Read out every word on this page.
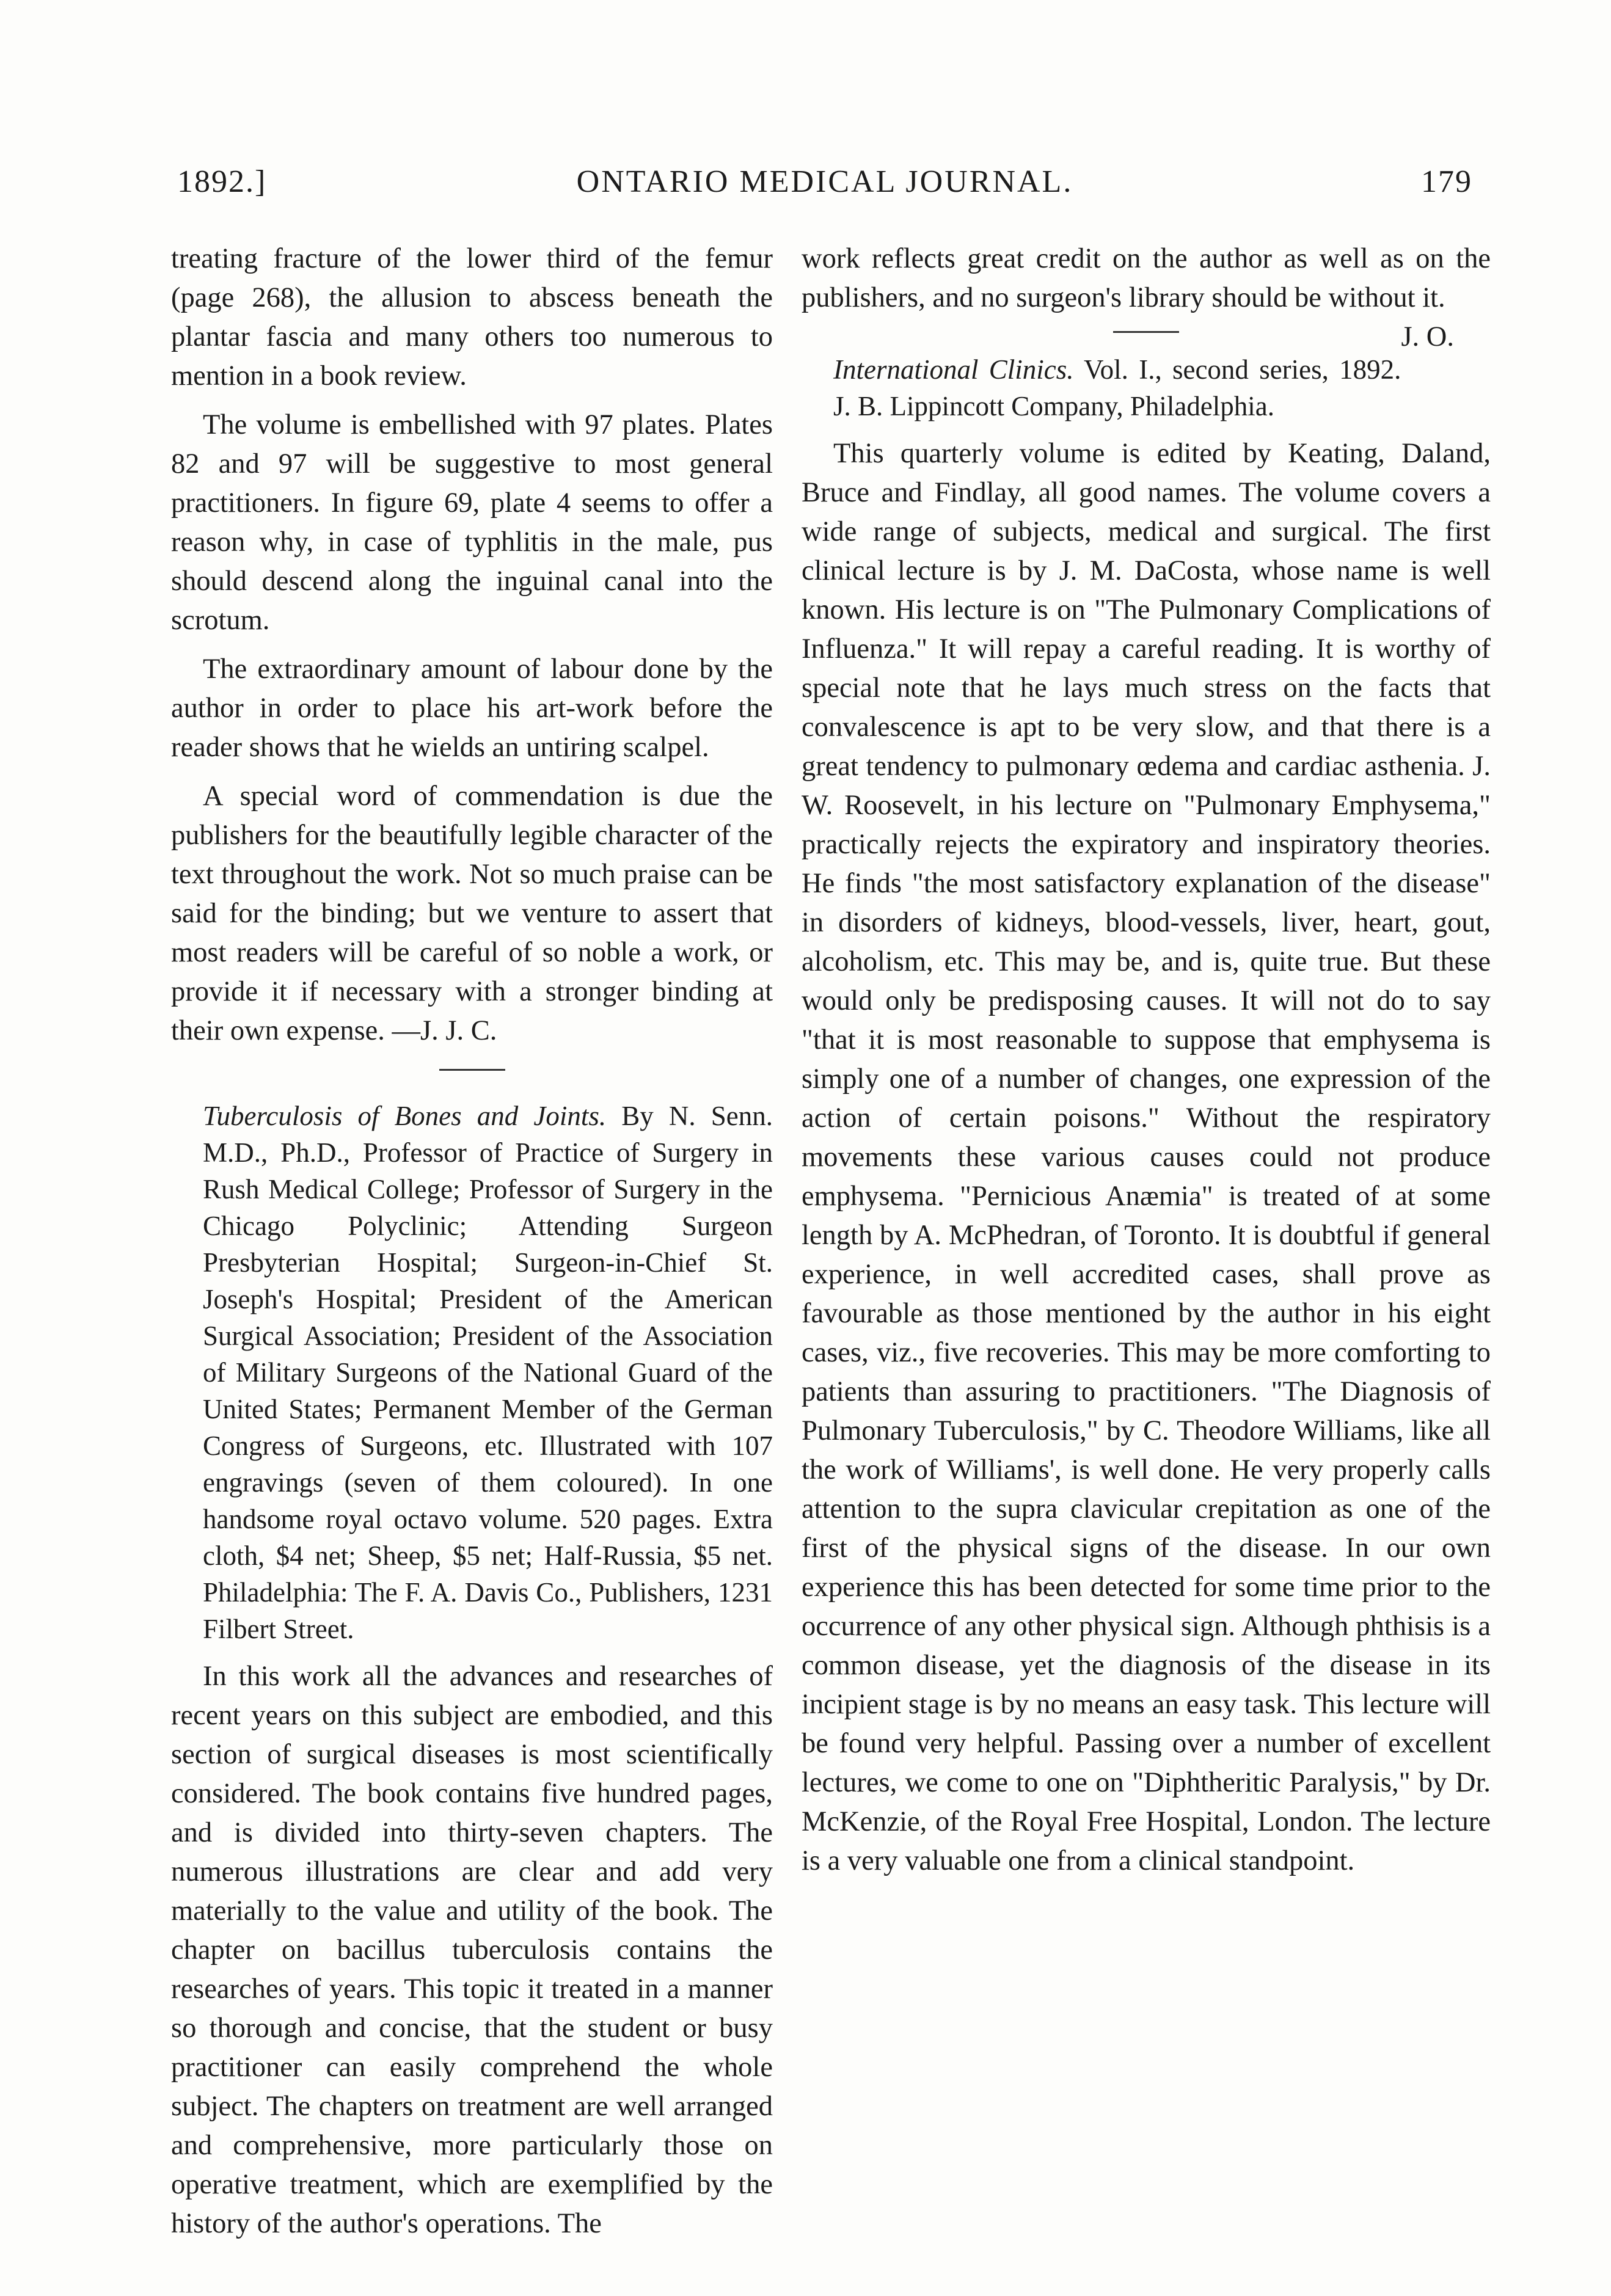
1892.]	ONTARIO MEDICAL JOURNAL.	179

treating fracture of the lower third of the femur (page 268), the allusion to abscess beneath the plantar fascia and many others too numerous to mention in a book review.

The volume is embellished with 97 plates. Plates 82 and 97 will be suggestive to most general practitioners. In figure 69, plate 4 seems to offer a reason why, in case of typhlitis in the male, pus should descend along the inguinal canal into the scrotum.

The extraordinary amount of labour done by the author in order to place his art-work before the reader shows that he wields an untiring scalpel.

A special word of commendation is due the publishers for the beautifully legible character of the text throughout the work. Not so much praise can be said for the binding; but we venture to assert that most readers will be careful of so noble a work, or provide it if necessary with a stronger binding at their own expense. —J. J. C.

Tuberculosis of Bones and Joints. By N. Senn. M.D., Ph.D., Professor of Practice of Surgery in Rush Medical College; Professor of Surgery in the Chicago Polyclinic; Attending Surgeon Presbyterian Hospital; Surgeon-in-Chief St. Joseph's Hospital; President of the American Surgical Association; President of the Association of Military Surgeons of the National Guard of the United States; Permanent Member of the German Congress of Surgeons, etc. Illustrated with 107 engravings (seven of them coloured). In one handsome royal octavo volume. 520 pages. Extra cloth, $4 net; Sheep, $5 net; Half-Russia, $5 net. Philadelphia: The F. A. Davis Co., Publishers, 1231 Filbert Street.

In this work all the advances and researches of recent years on this subject are embodied, and this section of surgical diseases is most scientifically considered. The book contains five hundred pages, and is divided into thirty-seven chapters. The numerous illustrations are clear and add very materially to the value and utility of the book. The chapter on bacillus tuberculosis contains the researches of years. This topic it treated in a manner so thorough and concise, that the student or busy practitioner can easily comprehend the whole subject. The chapters on treatment are well arranged and comprehensive, more particularly those on operative treatment, which are exemplified by the history of the author's operations. The

work reflects great credit on the author as well as on the publishers, and no surgeon's library should be without it.
J. O.

International Clinics. Vol. I., second series, 1892. J. B. Lippincott Company, Philadelphia.

This quarterly volume is edited by Keating, Daland, Bruce and Findlay, all good names. The volume covers a wide range of subjects, medical and surgical. The first clinical lecture is by J. M. DaCosta, whose name is well known. His lecture is on "The Pulmonary Complications of Influenza." It will repay a careful reading. It is worthy of special note that he lays much stress on the facts that convalescence is apt to be very slow, and that there is a great tendency to pulmonary œdema and cardiac asthenia. J. W. Roosevelt, in his lecture on "Pulmonary Emphysema," practically rejects the expiratory and inspiratory theories. He finds "the most satisfactory explanation of the disease" in disorders of kidneys, blood-vessels, liver, heart, gout, alcoholism, etc. This may be, and is, quite true. But these would only be predisposing causes. It will not do to say "that it is most reasonable to suppose that emphysema is simply one of a number of changes, one expression of the action of certain poisons." Without the respiratory movements these various causes could not produce emphysema. "Pernicious Anæmia" is treated of at some length by A. McPhedran, of Toronto. It is doubtful if general experience, in well accredited cases, shall prove as favourable as those mentioned by the author in his eight cases, viz., five recoveries. This may be more comforting to patients than assuring to practitioners. "The Diagnosis of Pulmonary Tuberculosis," by C. Theodore Williams, like all the work of Williams', is well done. He very properly calls attention to the supra clavicular crepitation as one of the first of the physical signs of the disease. In our own experience this has been detected for some time prior to the occurrence of any other physical sign. Although phthisis is a common disease, yet the diagnosis of the disease in its incipient stage is by no means an easy task. This lecture will be found very helpful. Passing over a number of excellent lectures, we come to one on "Diphtheritic Paralysis," by Dr. McKenzie, of the Royal Free Hospital, London. The lecture is a very valuable one from a clinical standpoint.
